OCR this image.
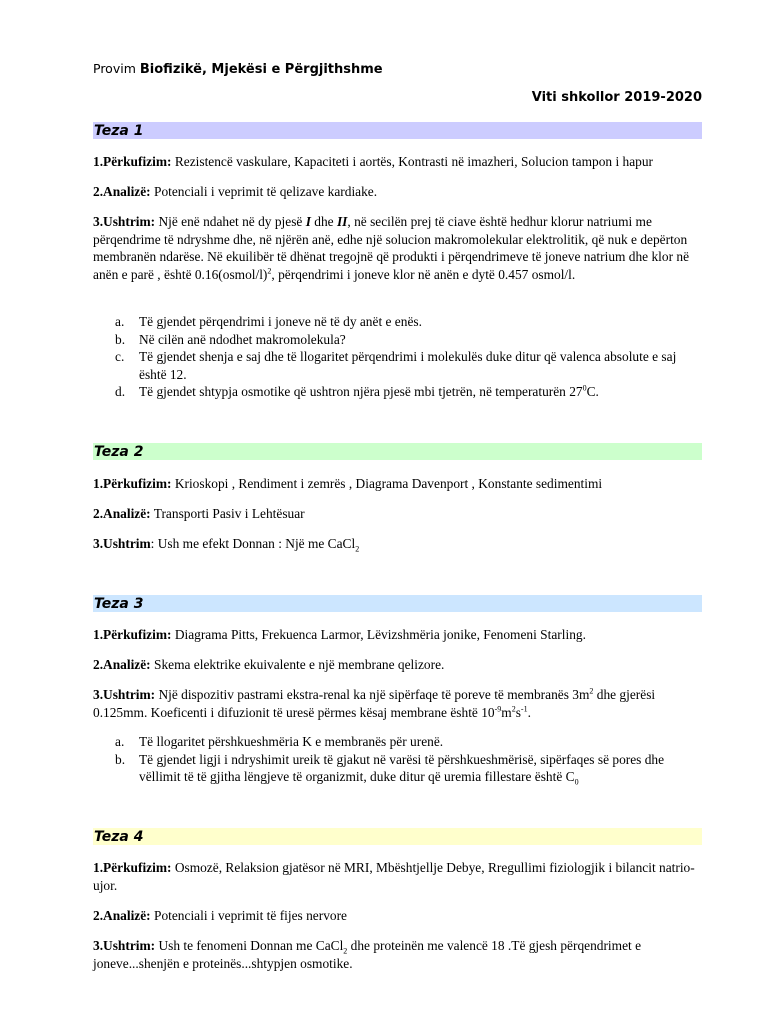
Provim Biofizikë, Mjekësi e Përgjithshme
Viti shkollor 2019-2020
Teza 1
1.Përkufizim: Rezistencë vaskulare, Kapaciteti i aortës, Kontrasti në imazheri, Solucion tampon i hapur
2.Analizë: Potenciali i veprimit të qelizave kardiake.
3.Ushtrim: Një enë ndahet në dy pjesë I dhe II, në secilën prej të ciave është hedhur klorur natriumi me përqendrime të ndryshme dhe, në njërën anë, edhe një solucion makromolekular elektrolitik, që nuk e depërton membranën ndarëse. Në ekuilibër të dhënat tregojnë që produkti i përqendrimeve të joneve natrium dhe klor në anën e parë , është 0.16(osmol/l)$^2$, përqendrimi i joneve klor në anën e dytë 0.457 osmol/l.
a. Të gjendet përqendrimi i joneve në të dy anët e enës.
b. Në cilën anë ndodhet makromolekula?
c. Të gjendet shenja e saj dhe të llogaritet përqendrimi i molekulës duke ditur që valenca absolute e saj është 12.
d. Të gjendet shtypja osmotike që ushtron njëra pjesë mbi tjetrën, në temperaturën $27^0C$.
Teza 2
1.Përkufizim: Krioskopi , Rendiment i zemrës , Diagrama Davenport , Konstante sedimentimi
2.Analizë: Transporti Pasiv i Lehtësuar
3.Ushtrim: Ush me efekt Donnan : Një me CaCl$_2$
Teza 3
1.Përkufizim: Diagrama Pitts, Frekuenca Larmor, Lëvizshmëria jonike, Fenomeni Starling.
2.Analizë: Skema elektrike ekuivalente e një membrane qelizore.
3.Ushtrim: Një dispozitiv pastrami ekstra-renal ka një sipërfaqe të poreve të membranës $3m^2$ dhe gjerësi 0.125mm. Koeficenti i difuzionit të uresë përmes kësaj membrane është $10^{-9}m^2s^{-1}$.
a. Të llogaritet përshkueshmëria K e membranës për urenë.
b. Të gjendet ligji i ndryshimit ureik të gjakut në varësi të përshkueshmërisë, sipërfaqes së pores dhe vëllimit të të gjitha lëngjeve të organizmit, duke ditur që uremia fillestare është $C_0$
Teza 4
1.Përkufizim: Osmozë, Relaksion gjatësor në MRI, Mbështjellje Debye, Rregullimi fiziologjik i bilancit natrio-ujor.
2.Analizë: Potenciali i veprimit të fijes nervore
3.Ushtrim: Ush te fenomeni Donnan me CaCl$_2$ dhe proteinën me valencë 18 .Të gjesh përqendrimet e joneve...shenjën e proteinës...shtypjen osmotike.
